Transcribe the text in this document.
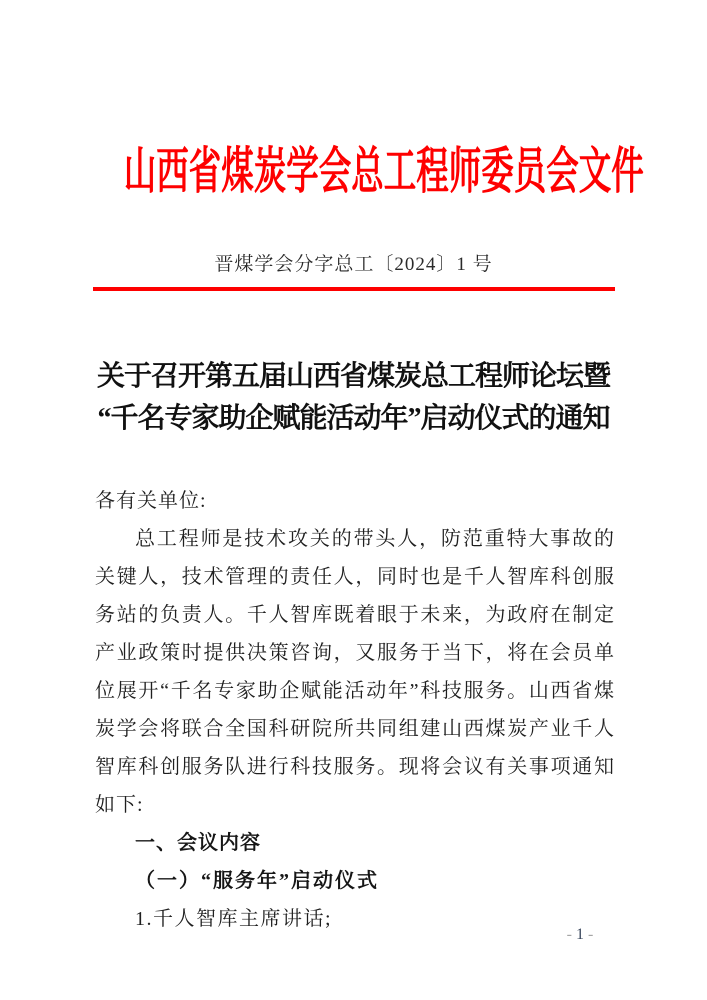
山西省煤炭学会总工程师委员会文件
晋煤学会分字总工〔2024〕1 号
关于召开第五届山西省煤炭总工程师论坛暨
“千名专家助企赋能活动年”启动仪式的通知
各有关单位:
总工程师是技术攻关的带头人，防范重特大事故的关键人，技术管理的责任人，同时也是千人智库科创服务站的负责人。千人智库既着眼于未来，为政府在制定产业政策时提供决策咨询，又服务于当下，将在会员单位展开“千名专家助企赋能活动年”科技服务。山西省煤炭学会将联合全国科研院所共同组建山西煤炭产业千人智库科创服务队进行科技服务。现将会议有关事项通知如下:
一、会议内容
（一）“服务年”启动仪式
1.千人智库主席讲话;
- 1 -
